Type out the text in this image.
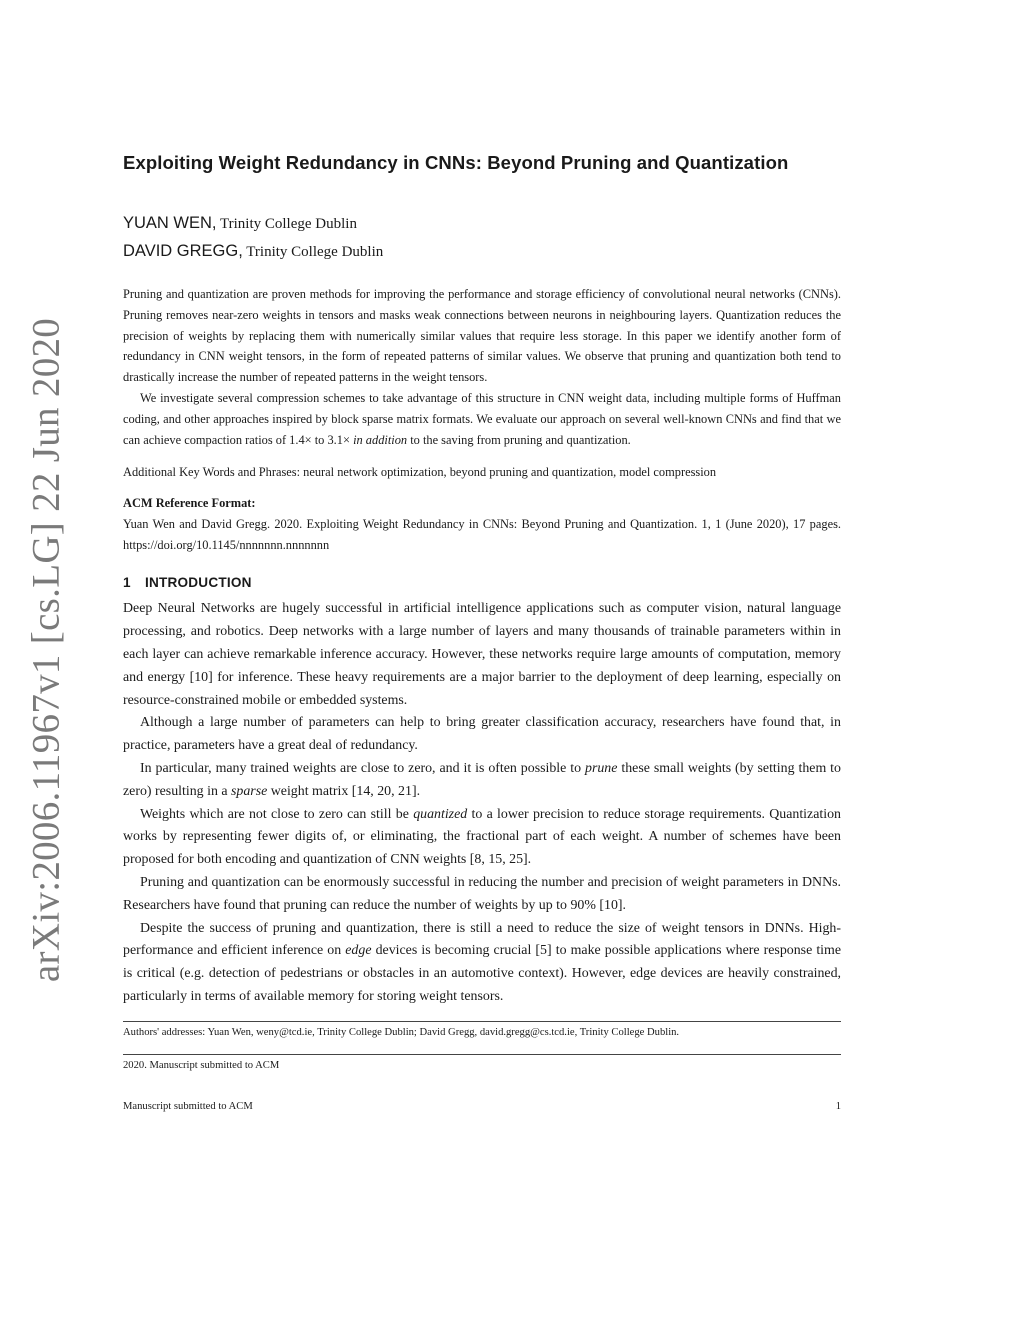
arXiv:2006.11967v1 [cs.LG] 22 Jun 2020
Exploiting Weight Redundancy in CNNs: Beyond Pruning and Quantization
YUAN WEN, Trinity College Dublin
DAVID GREGG, Trinity College Dublin

Pruning and quantization are proven methods for improving the performance and storage efficiency of convolutional neural networks (CNNs). Pruning removes near-zero weights in tensors and masks weak connections between neurons in neighbouring layers. Quantization reduces the precision of weights by replacing them with numerically similar values that require less storage. In this paper we identify another form of redundancy in CNN weight tensors, in the form of repeated patterns of similar values. We observe that pruning and quantization both tend to drastically increase the number of repeated patterns in the weight tensors.

We investigate several compression schemes to take advantage of this structure in CNN weight data, including multiple forms of Huffman coding, and other approaches inspired by block sparse matrix formats. We evaluate our approach on several well-known CNNs and find that we can achieve compaction ratios of 1.4× to 3.1× in addition to the saving from pruning and quantization.

Additional Key Words and Phrases: neural network optimization, beyond pruning and quantization, model compression
ACM Reference Format:
Yuan Wen and David Gregg. 2020. Exploiting Weight Redundancy in CNNs: Beyond Pruning and Quantization. 1, 1 (June 2020), 17 pages. https://doi.org/10.1145/nnnnnnn.nnnnnnn
1 INTRODUCTION

Deep Neural Networks are hugely successful in artificial intelligence applications such as computer vision, natural language processing, and robotics. Deep networks with a large number of layers and many thousands of trainable parameters within in each layer can achieve remarkable inference accuracy. However, these networks require large amounts of computation, memory and energy [10] for inference. These heavy requirements are a major barrier to the deployment of deep learning, especially on resource-constrained mobile or embedded systems.

Although a large number of parameters can help to bring greater classification accuracy, researchers have found that, in practice, parameters have a great deal of redundancy.

In particular, many trained weights are close to zero, and it is often possible to prune these small weights (by setting them to zero) resulting in a sparse weight matrix [14, 20, 21].

Weights which are not close to zero can still be quantized to a lower precision to reduce storage requirements. Quantization works by representing fewer digits of, or eliminating, the fractional part of each weight. A number of schemes have been proposed for both encoding and quantization of CNN weights [8, 15, 25].

Pruning and quantization can be enormously successful in reducing the number and precision of weight parameters in DNNs. Researchers have found that pruning can reduce the number of weights by up to 90% [10].

Despite the success of pruning and quantization, there is still a need to reduce the size of weight tensors in DNNs. High-performance and efficient inference on edge devices is becoming crucial [5] to make possible applications where response time is critical (e.g. detection of pedestrians or obstacles in an automotive context). However, edge devices are heavily constrained, particularly in terms of available memory for storing weight tensors.

Authors' addresses: Yuan Wen, weny@tcd.ie, Trinity College Dublin; David Gregg, david.gregg@cs.tcd.ie, Trinity College Dublin.
2020. Manuscript submitted to ACM
Manuscript submitted to ACM	1
